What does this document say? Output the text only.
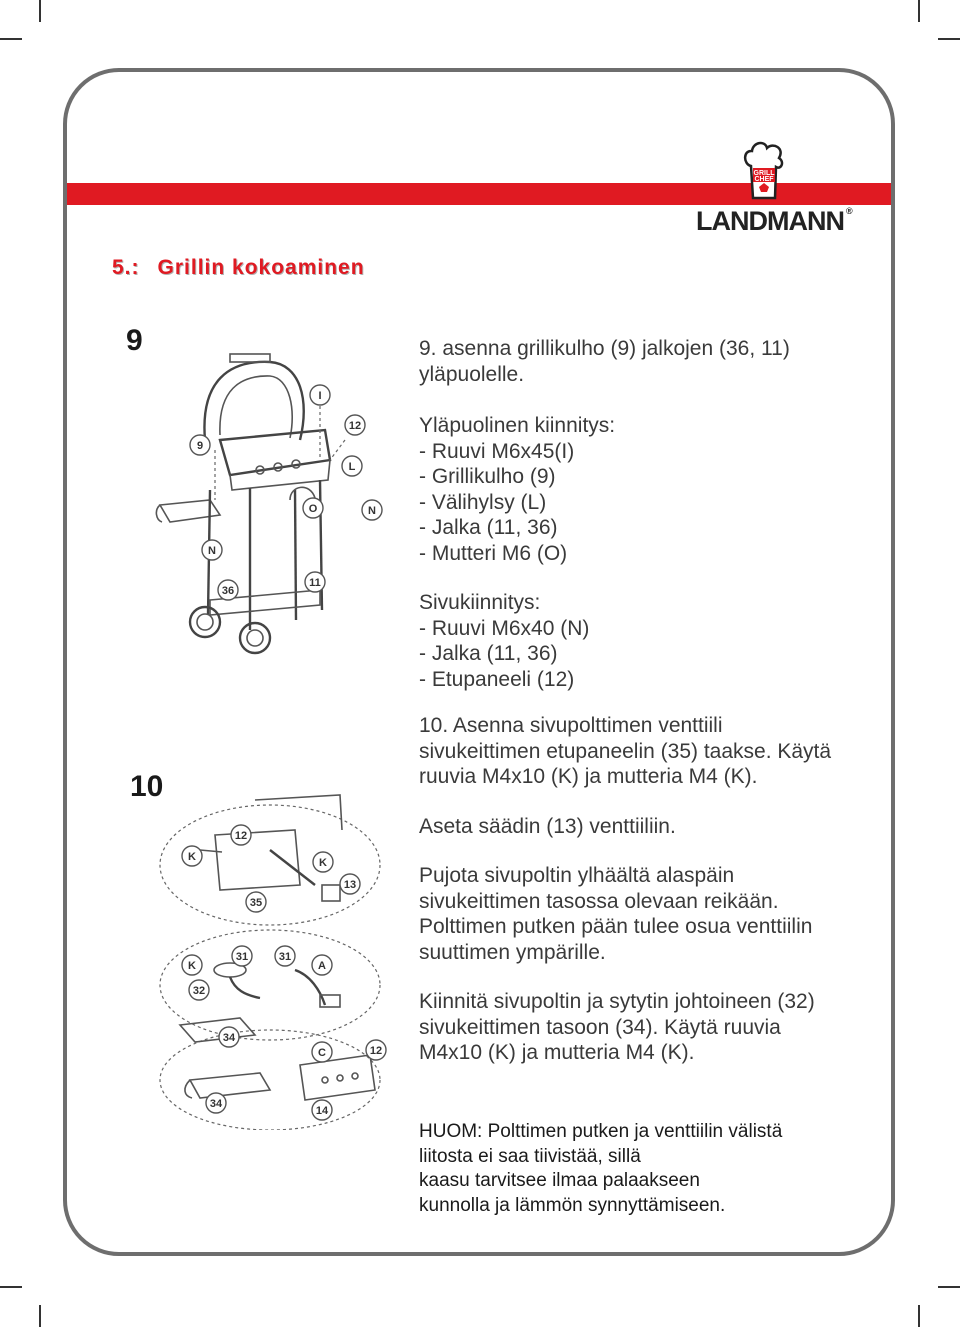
GRILL
CHEF
LANDMANN ®
5.: Grillin kokoaminen
9
10
9
I
12
L
O	N
N
36
11
12
K	K
13
35
K
31	31
A
32
34
C	12
34
14

9. asenna grillikulho (9) jalkojen (36, 11) yläpuolelle.

Yläpuolinen kiinnitys:

- Ruuvi M6x45(I)

- Grillikulho (9)

- Välihylsy (L)

- Jalka (11, 36)

- Mutteri M6 (O)

Sivukiinnitys:

- Ruuvi M6x40 (N)

- Jalka (11, 36)

- Etupaneeli (12)

10. Asenna sivupolttimen venttiili sivukeittimen etupaneelin (35) taakse. Käytä ruuvia M4x10 (K) ja mutteria M4 (K).

Aseta säädin (13) venttiiliin.

Pujota sivupoltin ylhäältä alaspäin sivukeittimen tasossa olevaan reikään. Polttimen putken pään tulee osua venttiilin suuttimen ympärille.

Kiinnitä sivupoltin ja sytytin johtoineen (32) sivukeittimen tasoon (34). Käytä ruuvia M4x10 (K) ja mutteria M4 (K).

HUOM: Polttimen putken ja venttiilin välistä

liitosta ei saa tiivistää, sillä

kaasu tarvitsee ilmaa palaakseen

kunnolla ja lämmön synnyttämiseen.
